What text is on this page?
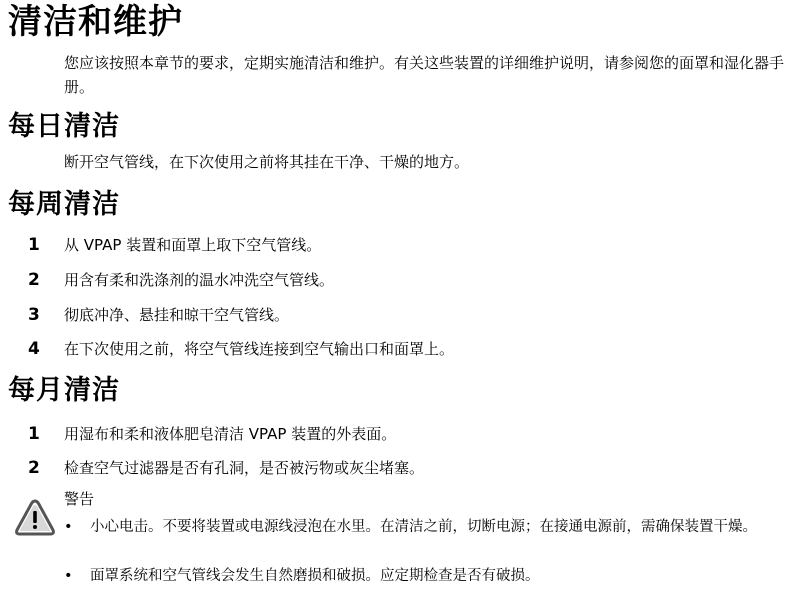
清洁和维护
您应该按照本章节的要求，定期实施清洁和维护。有关这些装置的详细维护说明，请参阅您的面罩和湿化器手册。
每日清洁
断开空气管线，在下次使用之前将其挂在干净、干燥的地方。
每周清洁
1 从 VPAP 装置和面罩上取下空气管线。
2 用含有柔和洗涤剂的温水冲洗空气管线。
3 彻底冲净、悬挂和晾干空气管线。
4 在下次使用之前，将空气管线连接到空气输出口和面罩上。
每月清洁
1 用湿布和柔和液体肥皂清洁 VPAP 装置的外表面。
2 检查空气过滤器是否有孔洞，是否被污物或灰尘堵塞。
警告
• 小心电击。不要将装置或电源线浸泡在水里。在清洁之前，切断电源；在接通电源前，需确保装置干燥。
• 面罩系统和空气管线会发生自然磨损和破损。应定期检查是否有破损。
